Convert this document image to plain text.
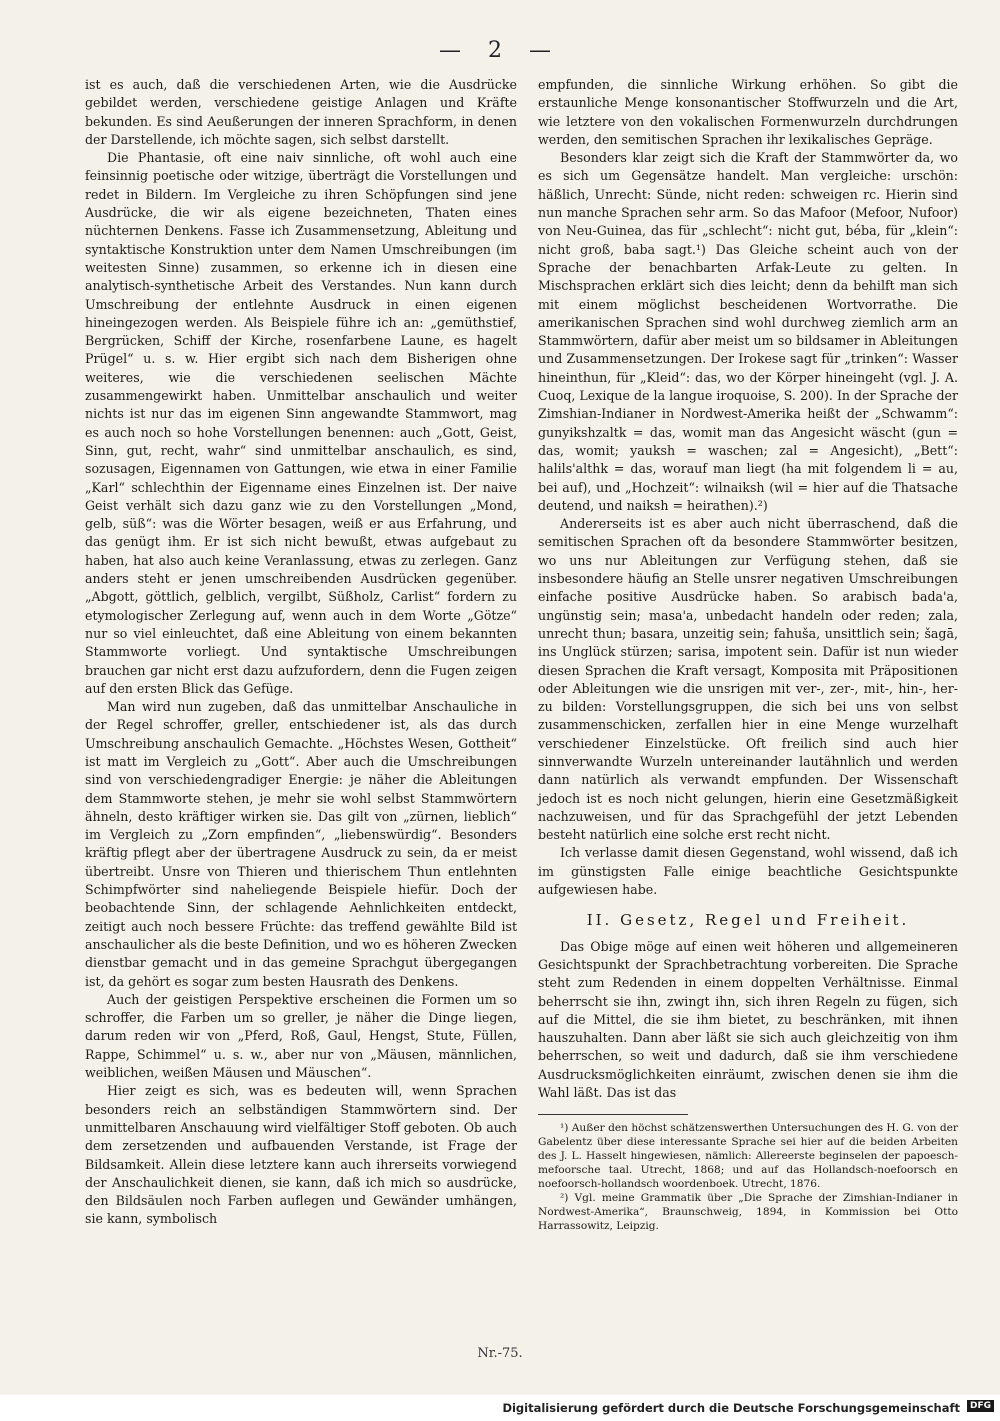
— 2 —

ist es auch, daß die verschiedenen Arten, wie die Ausdrücke gebildet werden, verschiedene geistige Anlagen und Kräfte bekunden. Es sind Aeußerungen der inneren Sprachform, in denen der Darstellende, ich möchte sagen, sich selbst darstellt.

Die Phantasie, oft eine naiv sinnliche, oft wohl auch eine feinsinnig poetische oder witzige, überträgt die Vorstellungen und redet in Bildern. Im Vergleiche zu ihren Schöpfungen sind jene Ausdrücke, die wir als eigene bezeichneten, Thaten eines nüchternen Denkens. Fasse ich Zusammensetzung, Ableitung und syntaktische Konstruktion unter dem Namen Umschreibungen (im weitesten Sinne) zusammen, so erkenne ich in diesen eine analytisch-synthetische Arbeit des Verstandes. Nun kann durch Umschreibung der entlehnte Ausdruck in einen eigenen hineingezogen werden. Als Beispiele führe ich an: „gemüthstief, Bergrücken, Schiff der Kirche, rosenfarbene Laune, es hagelt Prügel“ u. s. w. Hier ergibt sich nach dem Bisherigen ohne weiteres, wie die verschiedenen seelischen Mächte zusammengewirkt haben. Unmittelbar anschaulich und weiter nichts ist nur das im eigenen Sinn angewandte Stammwort, mag es auch noch so hohe Vorstellungen benennen: auch „Gott, Geist, Sinn, gut, recht, wahr“ sind unmittelbar anschaulich, es sind, sozusagen, Eigennamen von Gattungen, wie etwa in einer Familie „Karl“ schlechthin der Eigenname eines Einzelnen ist. Der naive Geist verhält sich dazu ganz wie zu den Vorstellungen „Mond, gelb, süß“: was die Wörter besagen, weiß er aus Erfahrung, und das genügt ihm. Er ist sich nicht bewußt, etwas aufgebaut zu haben, hat also auch keine Veranlassung, etwas zu zerlegen. Ganz anders steht er jenen umschreibenden Ausdrücken gegenüber. „Abgott, göttlich, gelblich, vergilbt, Süßholz, Carlist“ fordern zu etymologischer Zerlegung auf, wenn auch in dem Worte „Götze“ nur so viel einleuchtet, daß eine Ableitung von einem bekannten Stammworte vorliegt. Und syntaktische Umschreibungen brauchen gar nicht erst dazu aufzufordern, denn die Fugen zeigen auf den ersten Blick das Gefüge.

Man wird nun zugeben, daß das unmittelbar Anschauliche in der Regel schroffer, greller, entschiedener ist, als das durch Umschreibung anschaulich Gemachte. „Höchstes Wesen, Gottheit“ ist matt im Vergleich zu „Gott“. Aber auch die Umschreibungen sind von verschiedengradiger Energie: je näher die Ableitungen dem Stammworte stehen, je mehr sie wohl selbst Stammwörtern ähneln, desto kräftiger wirken sie. Das gilt von „zürnen, lieblich“ im Vergleich zu „Zorn empfinden“, „liebenswürdig“. Besonders kräftig pflegt aber der übertragene Ausdruck zu sein, da er meist übertreibt. Unsre von Thieren und thierischem Thun entlehnten Schimpfwörter sind naheliegende Beispiele hiefür. Doch der beobachtende Sinn, der schlagende Aehnlichkeiten entdeckt, zeitigt auch noch bessere Früchte: das treffend gewählte Bild ist anschaulicher als die beste Definition, und wo es höheren Zwecken dienstbar gemacht und in das gemeine Sprachgut übergegangen ist, da gehört es sogar zum besten Hausrath des Denkens.

Auch der geistigen Perspektive erscheinen die Formen um so schroffer, die Farben um so greller, je näher die Dinge liegen, darum reden wir von „Pferd, Roß, Gaul, Hengst, Stute, Füllen, Rappe, Schimmel“ u. s. w., aber nur von „Mäusen, männlichen, weiblichen, weißen Mäusen und Mäuschen“.

Hier zeigt es sich, was es bedeuten will, wenn Sprachen besonders reich an selbständigen Stammwörtern sind. Der unmittelbaren Anschauung wird vielfältiger Stoff geboten. Ob auch dem zersetzenden und aufbauenden Verstande, ist Frage der Bildsamkeit. Allein diese letztere kann auch ihrerseits vorwiegend der Anschaulichkeit dienen, sie kann, daß ich mich so ausdrücke, den Bildsäulen noch Farben auflegen und Gewänder umhängen, sie kann, symbolisch

empfunden, die sinnliche Wirkung erhöhen. So gibt die erstaunliche Menge konsonantischer Stoffwurzeln und die Art, wie letztere von den vokalischen Formenwurzeln durchdrungen werden, den semitischen Sprachen ihr lexikalisches Gepräge.

Besonders klar zeigt sich die Kraft der Stammwörter da, wo es sich um Gegensätze handelt. Man vergleiche: urschön: häßlich, Unrecht: Sünde, nicht reden: schweigen rc. Hierin sind nun manche Sprachen sehr arm. So das Mafoor (Mefoor, Nufoor) von Neu-Guinea, das für „schlecht“: nicht gut, béba, für „klein“: nicht groß, baba sagt.¹) Das Gleiche scheint auch von der Sprache der benachbarten Arfak-Leute zu gelten. In Mischsprachen erklärt sich dies leicht; denn da behilft man sich mit einem möglichst bescheidenen Wortvorrathe. Die amerikanischen Sprachen sind wohl durchweg ziemlich arm an Stammwörtern, dafür aber meist um so bildsamer in Ableitungen und Zusammensetzungen. Der Irokese sagt für „trinken“: Wasser hineinthun, für „Kleid“: das, wo der Körper hineingeht (vgl. J. A. Cuoq, Lexique de la langue iroquoise, S. 200). In der Sprache der Zimshian-Indianer in Nordwest-Amerika heißt der „Schwamm“: gunyikshzaltk = das, womit man das Angesicht wäscht (gun = das, womit; yauksh = waschen; zal = Angesicht), „Bett“: halils'althk = das, worauf man liegt (ha mit folgendem li = au, bei auf), und „Hochzeit“: wilnaiksh (wil = hier auf die Thatsache deutend, und naiksh = heirathen).²)

Andererseits ist es aber auch nicht überraschend, daß die semitischen Sprachen oft da besondere Stammwörter besitzen, wo uns nur Ableitungen zur Verfügung stehen, daß sie insbesondere häufig an Stelle unsrer negativen Umschreibungen einfache positive Ausdrücke haben. So arabisch bada'a, ungünstig sein; masa'a, unbedacht handeln oder reden; zala, unrecht thun; basara, unzeitig sein; fahuša, unsittlich sein; šagā, ins Unglück stürzen; sarisa, impotent sein. Dafür ist nun wieder diesen Sprachen die Kraft versagt, Komposita mit Präpositionen oder Ableitungen wie die unsrigen mit ver-, zer-, mit-, hin-, her- zu bilden: Vorstellungsgruppen, die sich bei uns von selbst zusammenschicken, zerfallen hier in eine Menge wurzelhaft verschiedener Einzelstücke. Oft freilich sind auch hier sinnverwandte Wurzeln untereinander lautähnlich und werden dann natürlich als verwandt empfunden. Der Wissenschaft jedoch ist es noch nicht gelungen, hierin eine Gesetzmäßigkeit nachzuweisen, und für das Sprachgefühl der jetzt Lebenden besteht natürlich eine solche erst recht nicht.

Ich verlasse damit diesen Gegenstand, wohl wissend, daß ich im günstigsten Falle einige beachtliche Gesichtspunkte aufgewiesen habe.

II. Gesetz, Regel und Freiheit.

Das Obige möge auf einen weit höheren und allgemeineren Gesichtspunkt der Sprachbetrachtung vorbereiten. Die Sprache steht zum Redenden in einem doppelten Verhältnisse. Einmal beherrscht sie ihn, zwingt ihn, sich ihren Regeln zu fügen, sich auf die Mittel, die sie ihm bietet, zu beschränken, mit ihnen hauszuhalten. Dann aber läßt sie sich auch gleichzeitig von ihm beherrschen, so weit und dadurch, daß sie ihm verschiedene Ausdrucksmöglichkeiten einräumt, zwischen denen sie ihm die Wahl läßt. Das ist das

¹) Außer den höchst schätzenswerthen Untersuchungen des H. G. von der Gabelentz über diese interessante Sprache sei hier auf die beiden Arbeiten des J. L. Hasselt hingewiesen, nämlich: Allereerste beginselen der papoesch-mefoorsche taal. Utrecht, 1868; und auf das Hollandsch-noefoorsch en noefoorsch-hollandsch woordenboek. Utrecht, 1876.

²) Vgl. meine Grammatik über „Die Sprache der Zimshian-Indianer in Nordwest-Amerika“, Braunschweig, 1894, in Kommission bei Otto Harrassowitz, Leipzig.

Nr.-75.
Digitalisierung gefördert durch die Deutsche Forschungsgemeinschaft	DFG
